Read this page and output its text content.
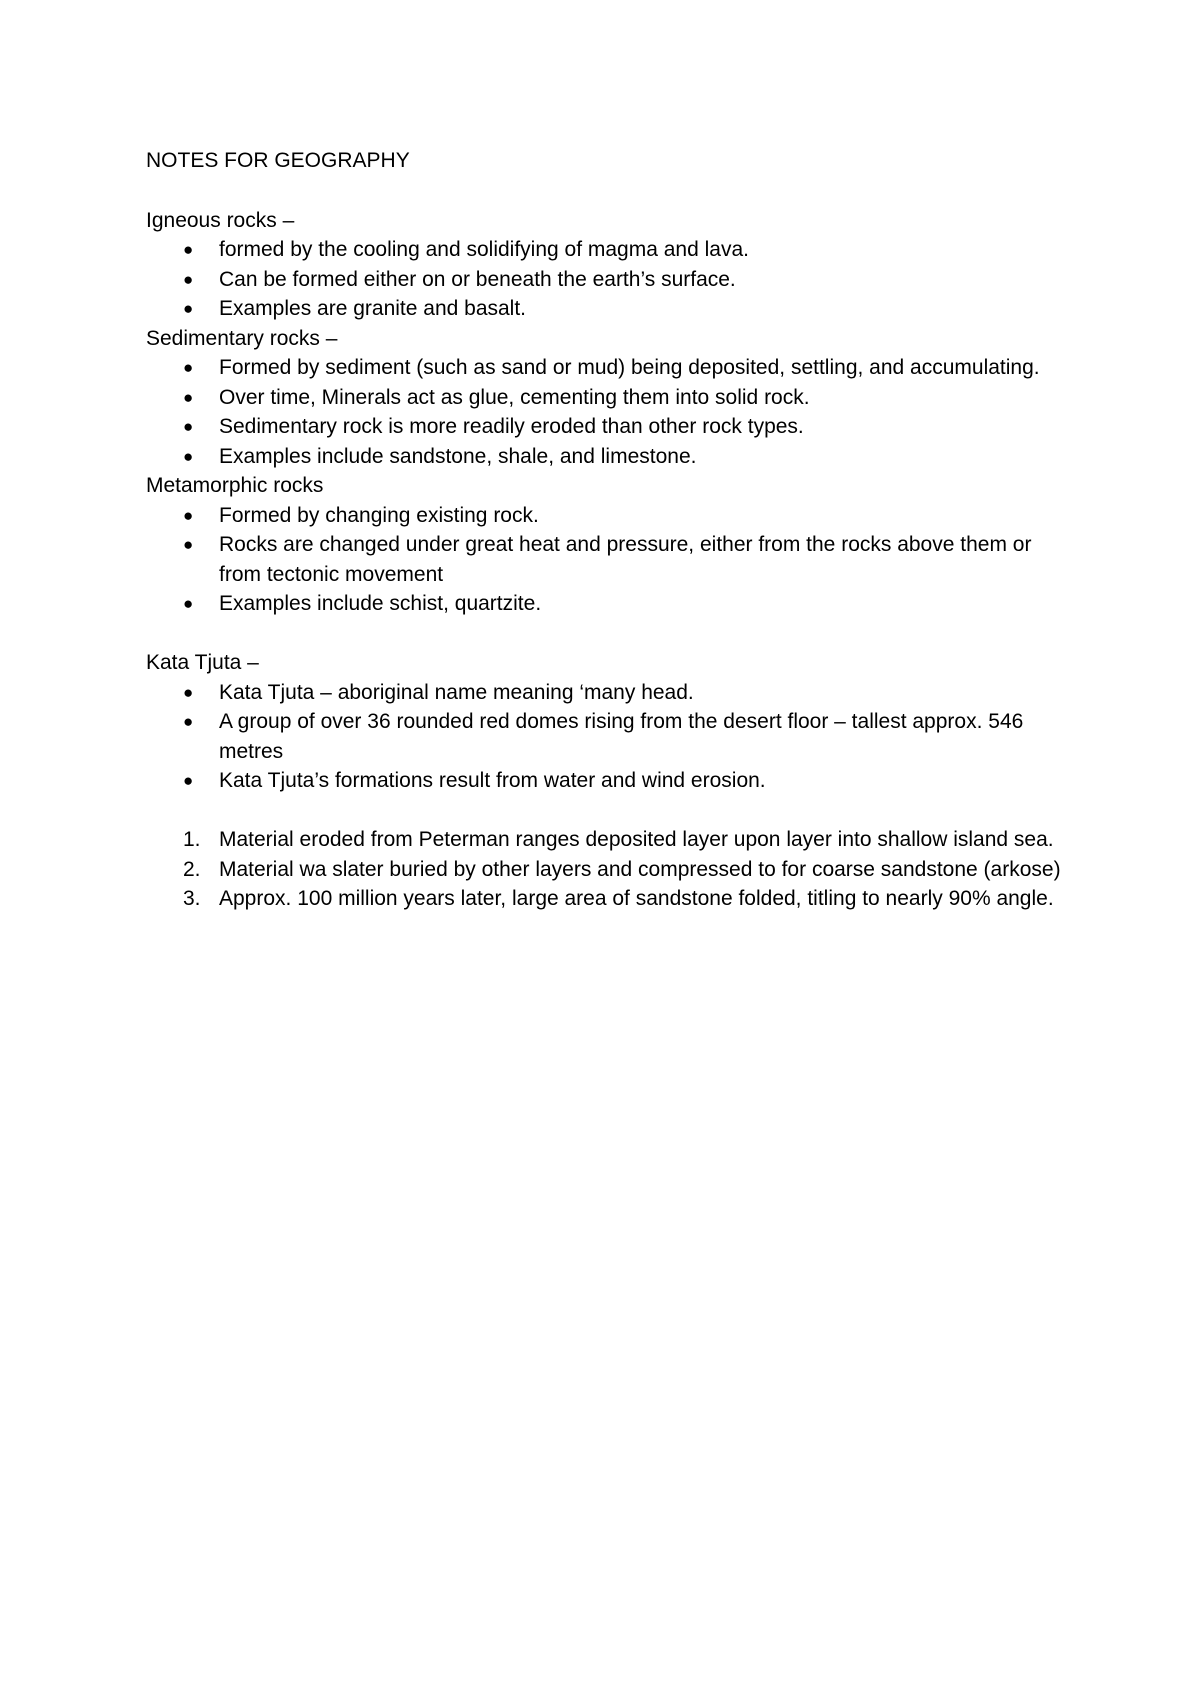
NOTES FOR GEOGRAPHY

Igneous rocks –

●	formed by the cooling and solidifying of magma and lava.
●	Can be formed either on or beneath the earth’s surface.
●	Examples are granite and basalt.

Sedimentary rocks –

●	Formed by sediment (such as sand or mud) being deposited, settling, and accumulating.
●	Over time, Minerals act as glue, cementing them into solid rock.
●	Sedimentary rock is more readily eroded than other rock types.
●	Examples include sandstone, shale, and limestone.

Metamorphic rocks

●	Formed by changing existing rock.
●	Rocks are changed under great heat and pressure, either from the rocks above them or from tectonic movement
●	Examples include schist, quartzite.

Kata Tjuta –

●	Kata Tjuta – aboriginal name meaning ‘many head.
●	A group of over 36 rounded red domes rising from the desert floor – tallest approx. 546 metres
●	Kata Tjuta’s formations result from water and wind erosion.
1. Material eroded from Peterman ranges deposited layer upon layer into shallow island sea.
2. Material wa slater buried by other layers and compressed to for coarse sandstone (arkose)
3. Approx. 100 million years later, large area of sandstone folded, titling to nearly 90% angle.
